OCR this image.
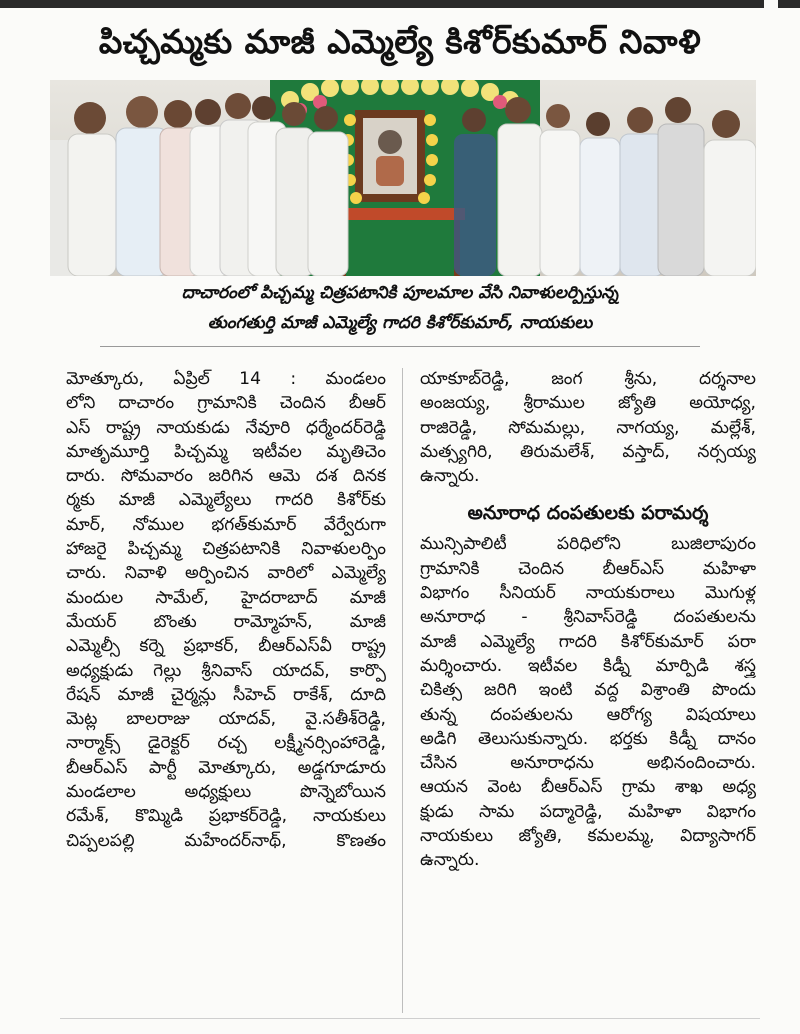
పిచ్చమ్మకు మాజీ ఎమ్మెల్యే కిశోర్‌కుమార్ నివాళి
దాచారంలో పిచ్చమ్మ చిత్రపటానికి పూలమాల వేసి నివాళులర్పిస్తున్న
తుంగతుర్తి మాజీ ఎమ్మెల్యే గాదరి కిశోర్‌కుమార్, నాయకులు
మోత్కూరు, ఏప్రిల్ 14 : మండలం
లోని దాచారం గ్రామానికి చెందిన బీఆర్
ఎస్ రాష్ట్ర నాయకుడు నేవూరి ధర్మేందర్‌రెడ్డి
మాతృమూర్తి పిచ్చమ్మ ఇటీవల మృతిచెం
దారు. సోమవారం జరిగిన ఆమె దశ దినక
ర్మకు మాజీ ఎమ్మెల్యేలు గాదరి కిశోర్‌కు
మార్, నోముల భగత్‌కుమార్ వేర్వేరుగా
హాజరై పిచ్చమ్మ చిత్రపటానికి నివాళులర్పిం
చారు. నివాళి అర్పించిన వారిలో ఎమ్మెల్యే
మందుల సామేల్, హైదరాబాద్ మాజీ
మేయర్ బొంతు రామ్మోహన్, మాజీ
ఎమ్మెల్సీ కర్నె ప్రభాకర్, బీఆర్ఎస్‌వీ రాష్ట్ర
అధ్యక్షుడు గెల్లు శ్రీనివాస్ యాదవ్, కార్పొ
రేషన్ మాజీ చైర్మన్లు సీహెచ్ రాకేశ్, దూది
మెట్ల బాలరాజు యాదవ్, వై.సతీశ్‌రెడ్డి,
నార్మాక్స్ డైరెక్టర్ రచ్చ లక్ష్మీనర్సింహారెడ్డి,
బీఆర్ఎస్ పార్టీ మోత్కూరు, అడ్డగూడూరు
మండలాల అధ్యక్షులు పొన్నెబోయిన
రమేశ్, కొమ్మిడి ప్రభాకర్‌రెడ్డి, నాయకులు
చిప్పలపల్లి మహేందర్‌నాథ్, కొణతం
యాకూబ్‌రెడ్డి, జంగ శ్రీను, దర్శనాల
అంజయ్య, శ్రీరాముల జ్యోతి అయోధ్య,
రాజిరెడ్డి, సోమమల్లు, నాగయ్య, మల్లేశ్,
మత్స్యగిరి, తిరుమలేశ్, వస్తాద్, నర్సయ్య
ఉన్నారు.
అనూరాధ దంపతులకు పరామర్శ
మున్సిపాలిటీ పరిధిలోని బుజిలాపురం
గ్రామానికి చెందిన బీఆర్ఎస్ మహిళా
విభాగం సీనియర్ నాయకురాలు మొగుళ్ల
అనూరాధ - శ్రీనివాస్‌రెడ్డి దంపతులను
మాజీ ఎమ్మెల్యే గాదరి కిశోర్‌కుమార్ పరా
మర్శించారు. ఇటీవల కిడ్నీ మార్పిడి శస్త్ర
చికిత్స జరిగి ఇంటి వద్ద విశ్రాంతి పొందు
తున్న దంపతులను ఆరోగ్య విషయాలు
అడిగి తెలుసుకున్నారు. భర్తకు కిడ్నీ దానం
చేసిన అనూరాధను అభినందించారు.
ఆయన వెంట బీఆర్ఎస్ గ్రామ శాఖ అధ్య
క్షుడు సామ పద్మారెడ్డి, మహిళా విభాగం
నాయకులు జ్యోతి, కమలమ్మ, విద్యాసాగర్
ఉన్నారు.
